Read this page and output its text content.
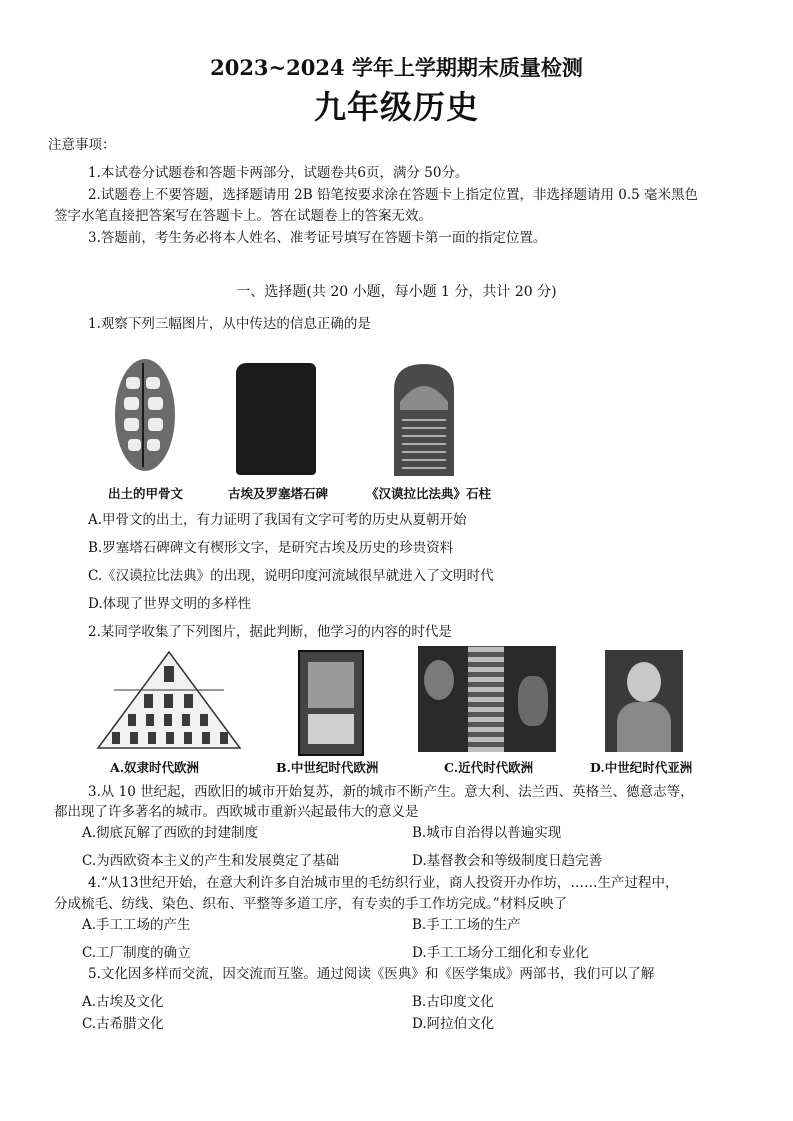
2023~2024 学年上学期期末质量检测
九年级历史
注意事项：
1.本试卷分试题卷和答题卡两部分，试题卷共6页，满分 50分。
2.试题卷上不要答题，选择题请用 2B 铅笔按要求涂在答题卡上指定位置，非选择题请用 0.5 毫米黑色
签字水笔直接把答案写在答题卡上。答在试题卷上的答案无效。
3.答题前，考生务必将本人姓名、准考证号填写在答题卡第一面的指定位置。
一、选择题(共 20 小题，每小题 1 分，共计 20 分)
1.观察下列三幅图片，从中传达的信息正确的是
出土的甲骨文	古埃及罗塞塔石碑	《汉谟拉比法典》石柱
A.甲骨文的出土，有力证明了我国有文字可考的历史从夏朝开始
B.罗塞塔石碑碑文有楔形文字，是研究古埃及历史的珍贵资料
C.《汉谟拉比法典》的出现，说明印度河流域很早就进入了文明时代
D.体现了世界文明的多样性
2.某同学收集了下列图片，据此判断，他学习的内容的时代是
A.奴隶时代欧洲	B.中世纪时代欧洲	C.近代时代欧洲	D.中世纪时代亚洲
3.从 10 世纪起，西欧旧的城市开始复苏，新的城市不断产生。意大利、法兰西、英格兰、德意志等，
都出现了许多著名的城市。西欧城市重新兴起最伟大的意义是
A.彻底瓦解了西欧的封建制度	B.城市自治得以普遍实现
C.为西欧资本主义的产生和发展奠定了基础	D.基督教会和等级制度日趋完善
4.“从13世纪开始，在意大利许多自治城市里的毛纺织行业，商人投资开办作坊，……生产过程中，
分成梳毛、纺线、染色、织布、平整等多道工序，有专卖的手工作坊完成。”材料反映了
A.手工工场的产生	B.手工工场的生产
C.工厂制度的确立	D.手工工场分工细化和专业化
5.文化因多样而交流，因交流而互鉴。通过阅读《医典》和《医学集成》两部书，我们可以了解
A.古埃及文化	B.古印度文化
C.古希腊文化	D.阿拉伯文化
